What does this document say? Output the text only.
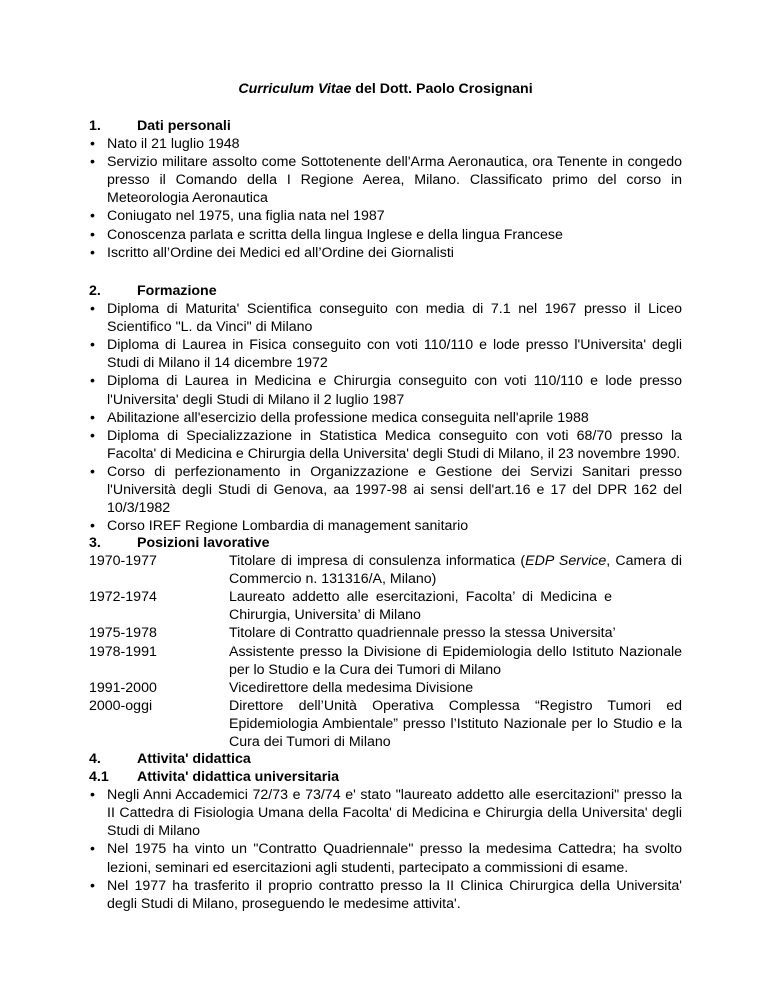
Curriculum Vitae del Dott. Paolo Crosignani
1.	Dati personali
• Nato il 21 luglio 1948
• Servizio militare assolto come Sottotenente dell'Arma Aeronautica, ora Tenente in congedo presso il Comando della I Regione Aerea, Milano. Classificato primo del corso in Meteorologia Aeronautica
• Coniugato nel 1975, una figlia nata nel 1987
• Conoscenza parlata e scritta della lingua Inglese e della lingua Francese
• Iscritto all’Ordine dei Medici ed all’Ordine dei Giornalisti
2.	Formazione
• Diploma di Maturita' Scientifica conseguito con media di 7.1 nel 1967 presso il Liceo Scientifico "L. da Vinci" di Milano
• Diploma di Laurea in Fisica conseguito con voti 110/110 e lode presso l'Universita' degli Studi di Milano il 14 dicembre 1972
• Diploma di Laurea in Medicina e Chirurgia conseguito con voti 110/110 e lode presso l'Universita' degli Studi di Milano il 2 luglio 1987
• Abilitazione all'esercizio della professione medica conseguita nell'aprile 1988
• Diploma di Specializzazione in Statistica Medica conseguito con voti 68/70 presso la Facolta' di Medicina e Chirurgia della Universita' degli Studi di Milano, il 23 novembre 1990.
• Corso di perfezionamento in Organizzazione e Gestione dei Servizi Sanitari presso l'Università degli Studi di Genova, aa 1997-98 ai sensi dell'art.16 e 17 del DPR 162 del 10/3/1982
• Corso IREF Regione Lombardia di management sanitario
3.	Posizioni lavorative
1970-1977	Titolare di impresa di consulenza informatica (EDP Service, Camera di Commercio n. 131316/A, Milano)
1972-1974	Laureato addetto alle esercitazioni, Facolta’ di Medicina e Chirurgia, Universita’ di Milano
1975-1978	Titolare di Contratto quadriennale presso la stessa Universita’
1978-1991	Assistente presso la Divisione di Epidemiologia dello Istituto Nazionale per lo Studio e la Cura dei Tumori di Milano
1991-2000	Vicedirettore della medesima Divisione
2000-oggi	Direttore dell’Unità Operativa Complessa “Registro Tumori ed Epidemiologia Ambientale” presso l’Istituto Nazionale per lo Studio e la Cura dei Tumori di Milano
4.	Attivita' didattica
4.1	Attivita' didattica universitaria
• Negli Anni Accademici 72/73 e 73/74 e' stato "laureato addetto alle esercitazioni" presso la II Cattedra di Fisiologia Umana della Facolta' di Medicina e Chirurgia della Universita' degli Studi di Milano
• Nel 1975 ha vinto un "Contratto Quadriennale" presso la medesima Cattedra; ha svolto lezioni, seminari ed esercitazioni agli studenti, partecipato a commissioni di esame.
• Nel 1977 ha trasferito il proprio contratto presso la II Clinica Chirurgica della Universita' degli Studi di Milano, proseguendo le medesime attivita'.
